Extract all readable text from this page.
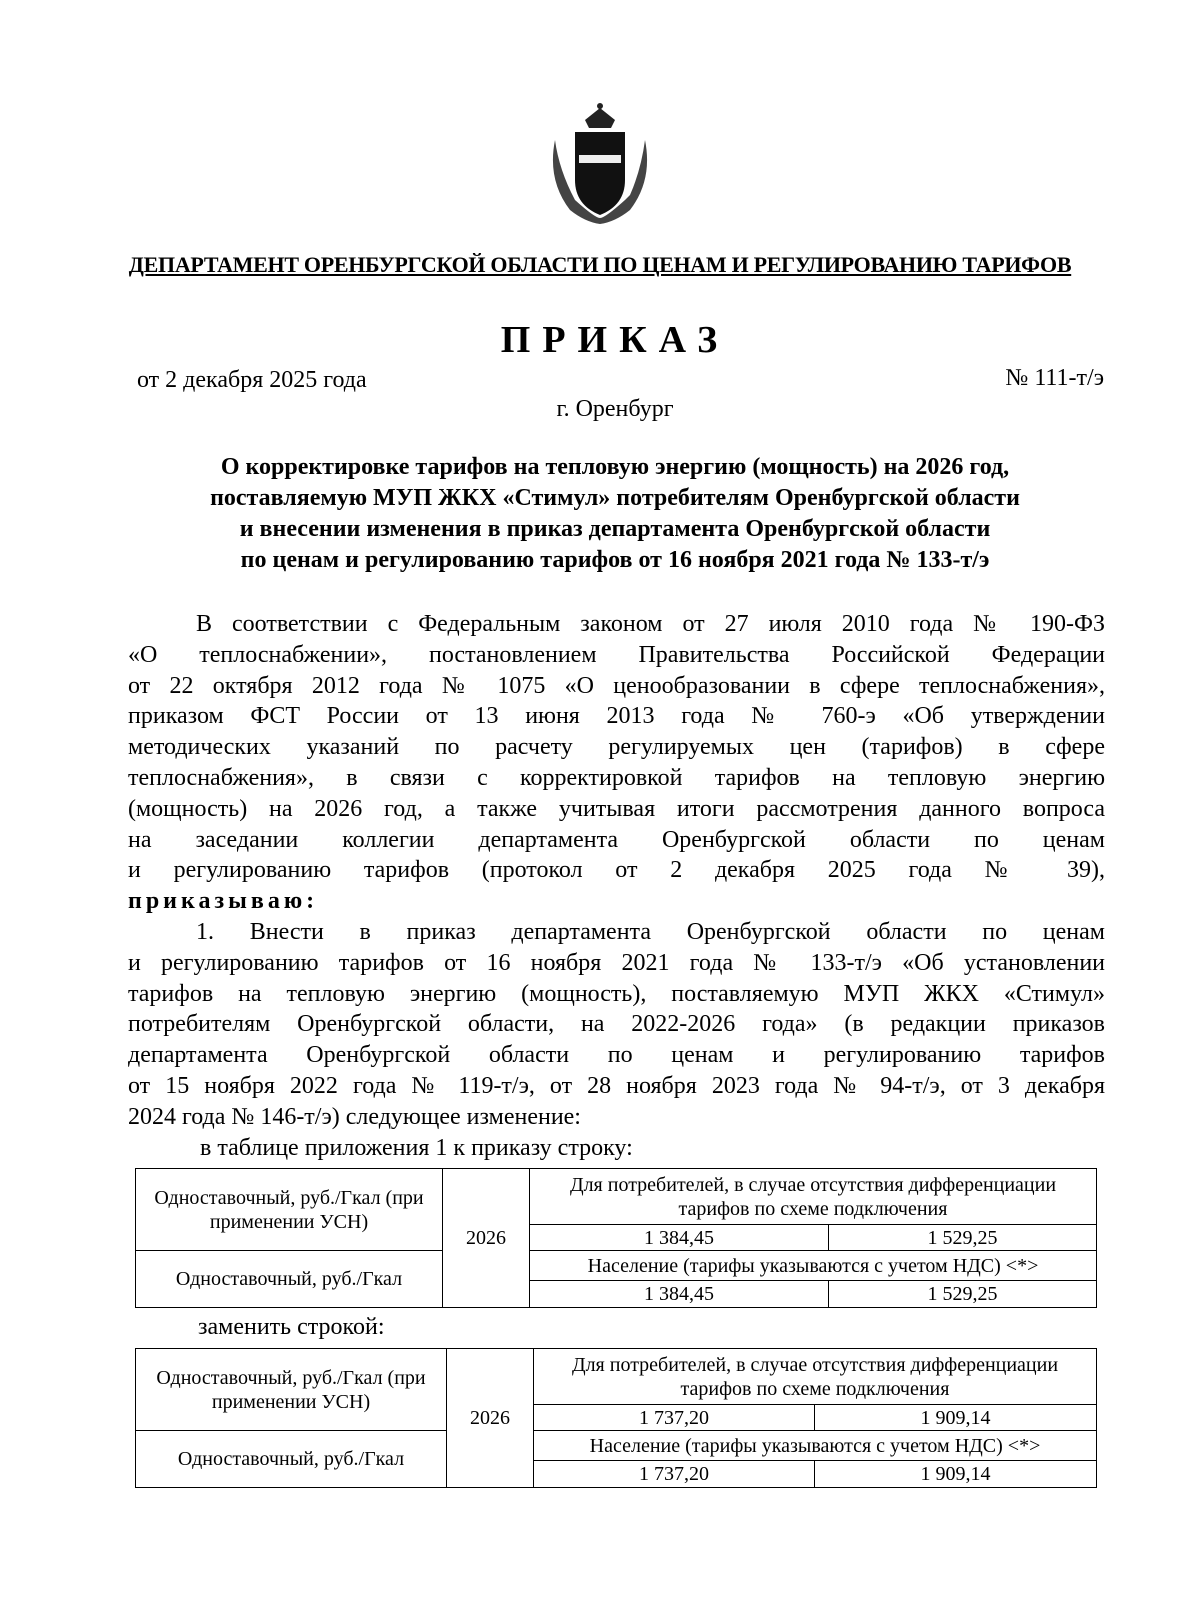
ДЕПАРТАМЕНТ ОРЕНБУРГСКОЙ ОБЛАСТИ ПО ЦЕНАМ И РЕГУЛИРОВАНИЮ ТАРИФОВ
ПРИКАЗ
от 2 декабря 2025 года	№ 111-т/э
г. Оренбург
О корректировке тарифов на тепловую энергию (мощность) на 2026 год,
поставляемую МУП ЖКХ «Стимул» потребителям Оренбургской области
и внесении изменения в приказ департамента Оренбургской области
по ценам и регулированию тарифов от 16 ноября 2021 года № 133-т/э
В соответствии с Федеральным законом от 27 июля 2010 года № 190-ФЗ
«О теплоснабжении», постановлением Правительства Российской Федерации
от 22 октября 2012 года № 1075 «О ценообразовании в сфере теплоснабжения»,
приказом ФСТ России от 13 июня 2013 года № 760-э «Об утверждении
методических указаний по расчету регулируемых цен (тарифов) в сфере
теплоснабжения», в связи с корректировкой тарифов на тепловую энергию
(мощность) на 2026 год, а также учитывая итоги рассмотрения данного вопроса
на заседании коллегии департамента Оренбургской области по ценам
и регулированию тарифов (протокол от 2 декабря 2025 года № 39),
приказываю:
1. Внести в приказ департамента Оренбургской области по ценам
и регулированию тарифов от 16 ноября 2021 года № 133-т/э «Об установлении
тарифов на тепловую энергию (мощность), поставляемую МУП ЖКХ «Стимул»
потребителям Оренбургской области, на 2022-2026 года» (в редакции приказов
департамента Оренбургской области по ценам и регулированию тарифов
от 15 ноября 2022 года № 119-т/э, от 28 ноября 2023 года № 94-т/э, от 3 декабря
2024 года № 146-т/э) следующее изменение:
в таблице приложения 1 к приказу строку:
Одноставочный, руб./Гкал (при применении УСН)	2026	Для потребителей, в случае отсутствия дифференциации тарифов по схеме подключения	
		1 384,45	1 529,25
Одноставочный, руб./Гкал		Население (тарифы указываются с учетом НДС) <*>	
		1 384,45	1 529,25
заменить строкой:
Одноставочный, руб./Гкал (при применении УСН)	2026	Для потребителей, в случае отсутствия дифференциации тарифов по схеме подключения	
		1 737,20	1 909,14
Одноставочный, руб./Гкал		Население (тарифы указываются с учетом НДС) <*>	
		1 737,20	1 909,14
